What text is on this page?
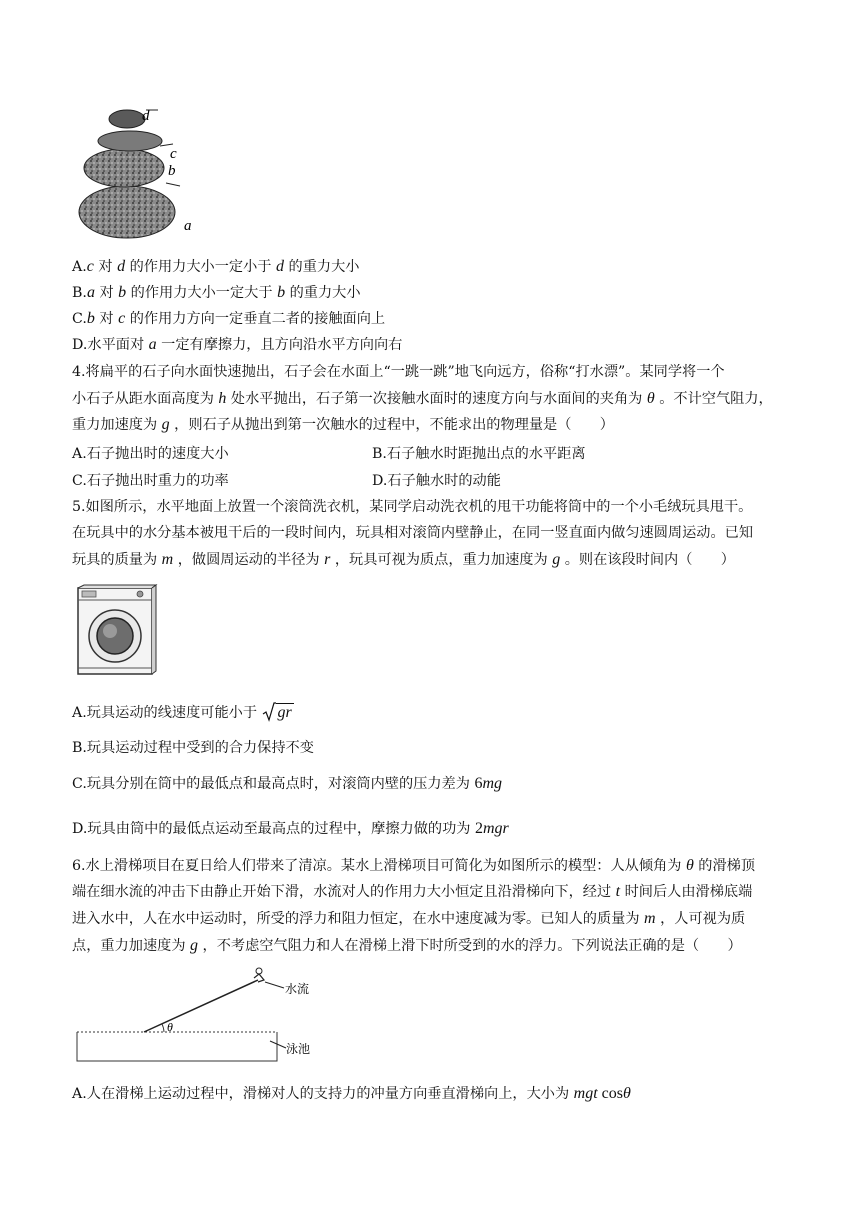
d
c
b
a
A.c 对 d 的作用力大小一定小于 d 的重力大小
B.a 对 b 的作用力大小一定大于 b 的重力大小
C.b 对 c 的作用力方向一定垂直二者的接触面向上
D.水平面对 a 一定有摩擦力，且方向沿水平方向向右
4.将扁平的石子向水面快速抛出，石子会在水面上“一跳一跳”地飞向远方，俗称“打水漂”。某同学将一个
小石子从距水面高度为 h 处水平抛出，石子第一次接触水面时的速度方向与水面间的夹角为 θ 。不计空气阻力，
重力加速度为 g ，则石子从抛出到第一次触水的过程中，不能求出的物理量是（　　）
A.石子抛出时的速度大小	B.石子触水时距抛出点的水平距离
C.石子抛出时重力的功率	D.石子触水时的动能
5.如图所示，水平地面上放置一个滚筒洗衣机，某同学启动洗衣机的甩干功能将筒中的一个小毛绒玩具甩干。
在玩具中的水分基本被甩干后的一段时间内，玩具相对滚筒内壁静止，在同一竖直面内做匀速圆周运动。已知
玩具的质量为 m ，做圆周运动的半径为 r ，玩具可视为质点，重力加速度为 g 。则在该段时间内（　　）
A.玩具运动的线速度可能小于 gr
B.玩具运动过程中受到的合力保持不变
C.玩具分别在筒中的最低点和最高点时，对滚筒内壁的压力差为 6mg
D.玩具由筒中的最低点运动至最高点的过程中，摩擦力做的功为 2mgr
6.水上滑梯项目在夏日给人们带来了清凉。某水上滑梯项目可简化为如图所示的模型：人从倾角为 θ 的滑梯顶
端在细水流的冲击下由静止开始下滑，水流对人的作用力大小恒定且沿滑梯向下，经过 t 时间后人由滑梯底端
进入水中，人在水中运动时，所受的浮力和阻力恒定，在水中速度减为零。已知人的质量为 m ，人可视为质
点，重力加速度为 g ，不考虑空气阻力和人在滑梯上滑下时所受到的水的浮力。下列说法正确的是（　　）
θ
水流
泳池
A.人在滑梯上运动过程中，滑梯对人的支持力的冲量方向垂直滑梯向上，大小为 mgt cosθ
